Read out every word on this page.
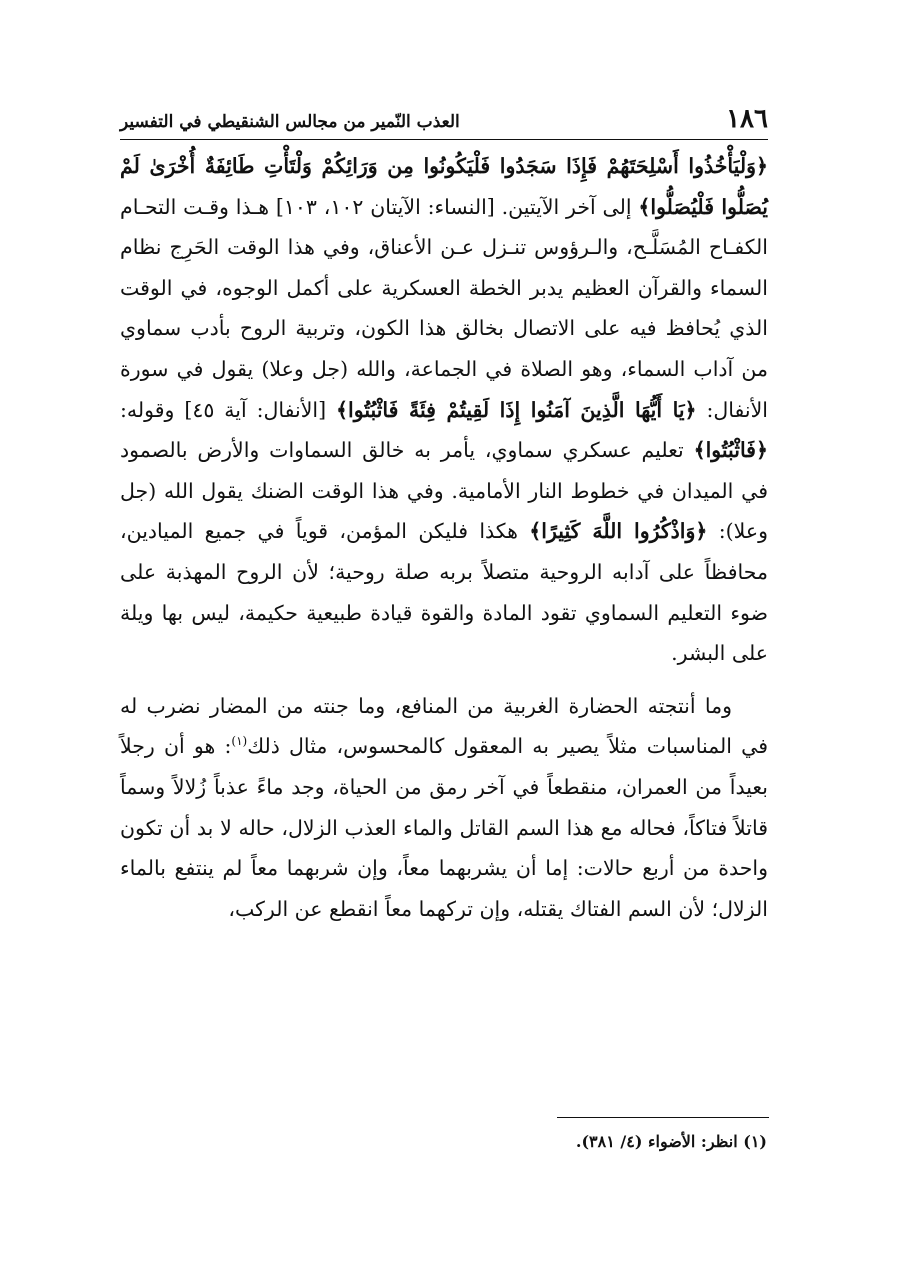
١٨٦
العذب النّمير من مجالس الشنقيطي في التفسير

﴿وَلْيَأْخُذُوا أَسْلِحَتَهُمْ فَإِذَا سَجَدُوا فَلْيَكُونُوا مِن وَرَائِكُمْ وَلْتَأْتِ طَائِفَةٌ أُخْرَىٰ لَمْ يُصَلُّوا فَلْيُصَلُّوا﴾ إلى آخر الآيتين. [النساء: الآيتان ١٠٢، ١٠٣] هـذا وقـت التحـام الكفـاح المُسَلَّـح، والـرؤوس تنـزل عـن الأعناق، وفي هذا الوقت الحَرِج نظام السماء والقرآن العظيم يدبر الخطة العسكرية على أكمل الوجوه، في الوقت الذي يُحافظ فيه على الاتصال بخالق هذا الكون، وتربية الروح بأدب سماوي من آداب السماء، وهو الصلاة في الجماعة، والله (جل وعلا) يقول في سورة الأنفال: ﴿يَا أَيُّهَا الَّذِينَ آمَنُوا إِذَا لَقِيتُمْ فِئَةً فَاثْبُتُوا﴾ [الأنفال: آية ٤٥] وقوله: ﴿فَاثْبُتُوا﴾ تعليم عسكري سماوي، يأمر به خالق السماوات والأرض بالصمود في الميدان في خطوط النار الأمامية. وفي هذا الوقت الضنك يقول الله (جل وعلا): ﴿وَاذْكُرُوا اللَّهَ كَثِيرًا﴾ هكذا فليكن المؤمن، قوياً في جميع الميادين، محافظاً على آدابه الروحية متصلاً بربه صلة روحية؛ لأن الروح المهذبة على ضوء التعليم السماوي تقود المادة والقوة قيادة طبيعية حكيمة، ليس بها ويلة على البشر.

وما أنتجته الحضارة الغربية من المنافع، وما جنته من المضار نضرب له في المناسبات مثلاً يصير به المعقول كالمحسوس، مثال ذلك$^{(١)}$: هو أن رجلاً بعيداً من العمران، منقطعاً في آخر رمق من الحياة، وجد ماءً عذباً زُلالاً وسماً قاتلاً فتاكاً، فحاله مع هذا السم القاتل والماء العذب الزلال، حاله لا بد أن تكون واحدة من أربع حالات: إما أن يشربهما معاً، وإن شربهما معاً لم ينتفع بالماء الزلال؛ لأن السم الفتاك يقتله، وإن تركهما معاً انقطع عن الركب،

(١) انظر: الأضواء (٤/ ٣٨١).
